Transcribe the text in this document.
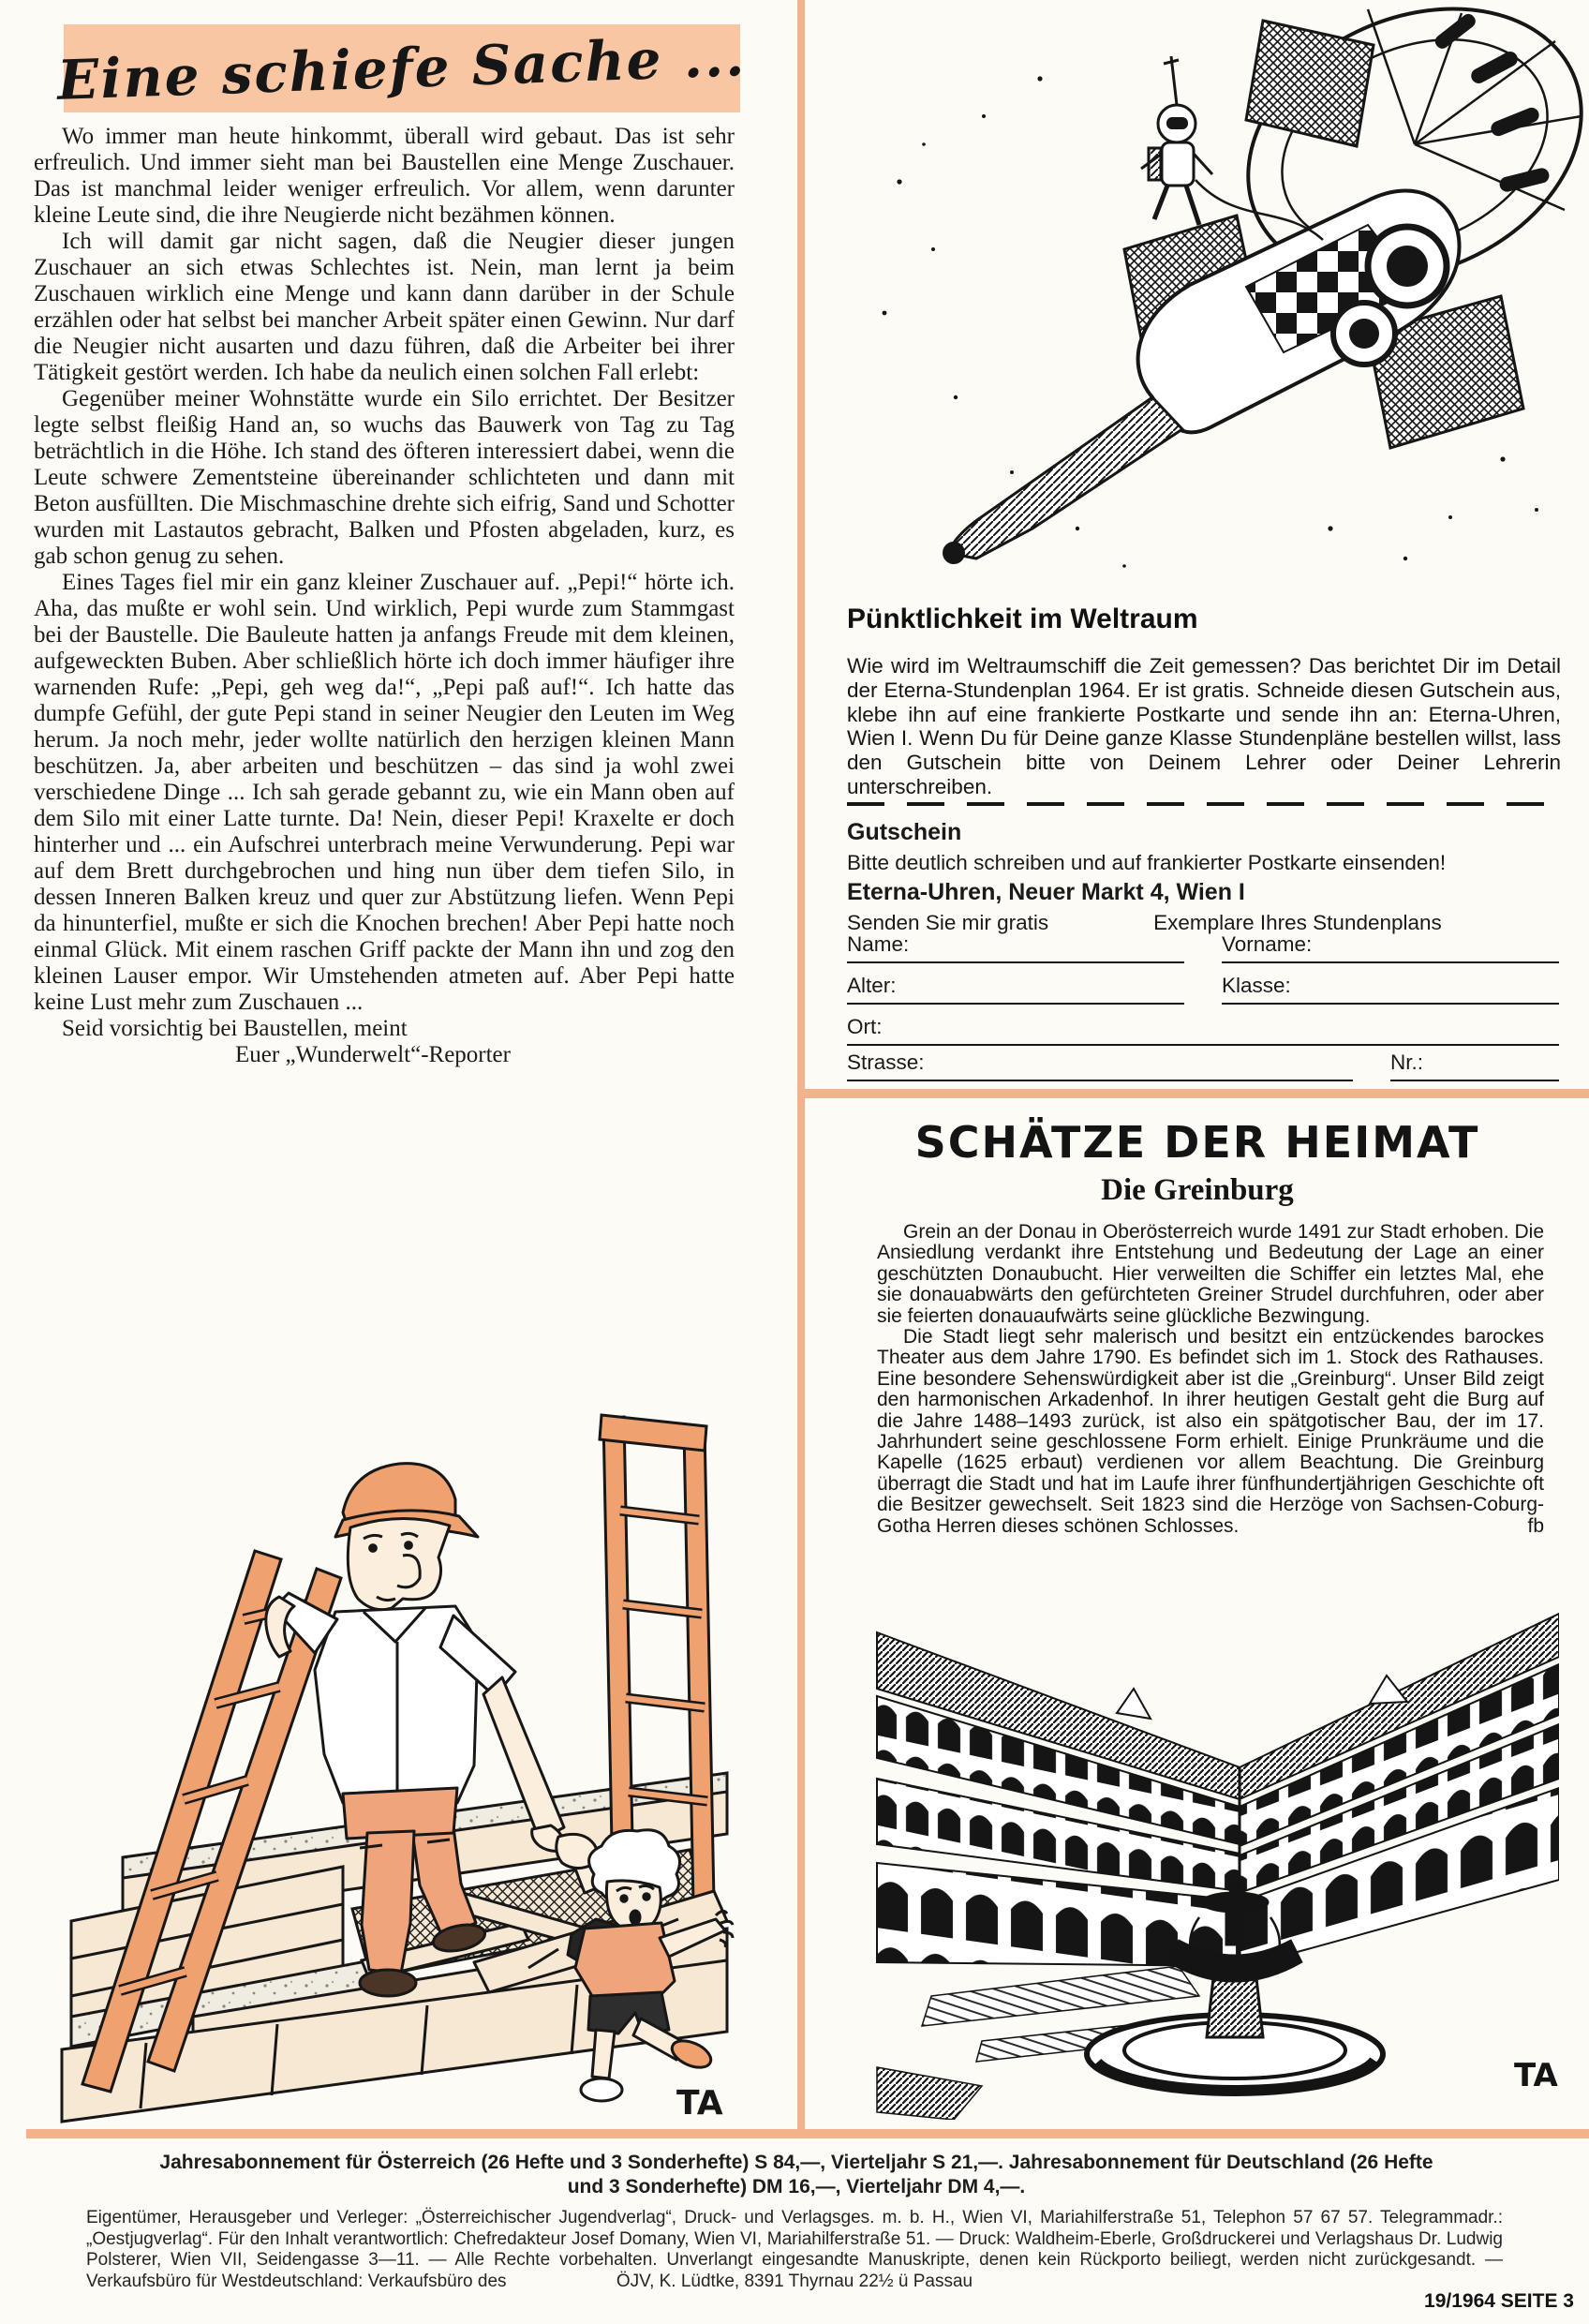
Eine schiefe Sache ...

Wo immer man heute hinkommt, überall wird gebaut. Das ist sehr erfreulich. Und immer sieht man bei Baustellen eine Menge Zuschauer. Das ist manchmal leider weniger erfreulich. Vor allem, wenn darunter kleine Leute sind, die ihre Neugierde nicht bezähmen können.

Ich will damit gar nicht sagen, daß die Neugier dieser jungen Zuschauer an sich etwas Schlechtes ist. Nein, man lernt ja beim Zuschauen wirklich eine Menge und kann dann darüber in der Schule erzählen oder hat selbst bei mancher Arbeit später einen Gewinn. Nur darf die Neugier nicht ausarten und dazu führen, daß die Arbeiter bei ihrer Tätigkeit gestört werden. Ich habe da neulich einen solchen Fall erlebt:

Gegenüber meiner Wohnstätte wurde ein Silo errichtet. Der Besitzer legte selbst fleißig Hand an, so wuchs das Bauwerk von Tag zu Tag beträchtlich in die Höhe. Ich stand des öfteren interessiert dabei, wenn die Leute schwere Zementsteine übereinander schlichteten und dann mit Beton ausfüllten. Die Mischmaschine drehte sich eifrig, Sand und Schotter wurden mit Lastautos gebracht, Balken und Pfosten abgeladen, kurz, es gab schon genug zu sehen.

Eines Tages fiel mir ein ganz kleiner Zuschauer auf. „Pepi!“ hörte ich. Aha, das mußte er wohl sein. Und wirklich, Pepi wurde zum Stammgast bei der Baustelle. Die Bauleute hatten ja anfangs Freude mit dem kleinen, aufgeweckten Buben. Aber schließlich hörte ich doch immer häufiger ihre warnenden Rufe: „Pepi, geh weg da!“, „Pepi paß auf!“. Ich hatte das dumpfe Gefühl, der gute Pepi stand in seiner Neugier den Leuten im Weg herum. Ja noch mehr, jeder wollte natürlich den herzigen kleinen Mann beschützen. Ja, aber arbeiten und beschützen – das sind ja wohl zwei verschiedene Dinge ... Ich sah gerade gebannt zu, wie ein Mann oben auf dem Silo mit einer Latte turnte. Da! Nein, dieser Pepi! Kraxelte er doch hinterher und ... ein Aufschrei unterbrach meine Verwunderung. Pepi war auf dem Brett durchgebrochen und hing nun über dem tiefen Silo, in dessen Inneren Balken kreuz und quer zur Abstützung liefen. Wenn Pepi da hinunterfiel, mußte er sich die Knochen brechen! Aber Pepi hatte noch einmal Glück. Mit einem raschen Griff packte der Mann ihn und zog den kleinen Lauser empor. Wir Umstehenden atmeten auf. Aber Pepi hatte keine Lust mehr zum Zuschauen ...

Seid vorsichtig bei Baustellen, meint

Euer „Wunderwelt“-Reporter

TA
Pünktlichkeit im Weltraum
Wie wird im Weltraumschiff die Zeit gemessen? Das berichtet Dir im Detail der Eterna-Stundenplan 1964. Er ist gratis. Schneide diesen Gutschein aus, klebe ihn auf eine frankierte Postkarte und sende ihn an: Eterna-Uhren, Wien I. Wenn Du für Deine ganze Klasse Stundenpläne bestellen willst, lass den Gutschein bitte von Deinem Lehrer oder Deiner Lehrerin unterschreiben.
Gutschein
Bitte deutlich schreiben und auf frankierter Postkarte einsenden!
Eterna-Uhren, Neuer Markt 4, Wien I
Senden Sie mir gratis	Exemplare Ihres Stundenplans
Name:	Vorname:
Alter:	Klasse:
Ort:
Strasse:	Nr.:
SCHÄTZE DER HEIMAT
Die Greinburg

Grein an der Donau in Oberösterreich wurde 1491 zur Stadt erhoben. Die Ansiedlung verdankt ihre Entstehung und Bedeutung der Lage an einer geschützten Donaubucht. Hier verweilten die Schiffer ein letztes Mal, ehe sie donauabwärts den gefürchteten Greiner Strudel durchfuhren, oder aber sie feierten donauaufwärts seine glückliche Bezwingung.

Die Stadt liegt sehr malerisch und besitzt ein entzückendes barockes Theater aus dem Jahre 1790. Es befindet sich im 1. Stock des Rathauses. Eine besondere Sehenswürdigkeit aber ist die „Greinburg“. Unser Bild zeigt den harmonischen Arkadenhof. In ihrer heutigen Gestalt geht die Burg auf die Jahre 1488–1493 zurück, ist also ein spätgotischer Bau, der im 17. Jahrhundert seine geschlossene Form erhielt. Einige Prunkräume und die Kapelle (1625 erbaut) verdienen vor allem Beachtung. Die Greinburg überragt die Stadt und hat im Laufe ihrer fünfhundertjährigen Geschichte oft die Besitzer gewechselt. Seit 1823 sind die Herzöge von Sachsen-Coburg-Gotha Herren dieses schönen Schlosses.	fb
TA
Jahresabonnement für Österreich (26 Hefte und 3 Sonderhefte) S 84,—, Vierteljahr S 21,—. Jahresabonnement für Deutschland (26 Hefte
und 3 Sonderhefte) DM 16,—, Vierteljahr DM 4,—.
Eigentümer, Herausgeber und Verleger: „Österreichischer Jugendverlag“, Druck- und Verlagsges. m. b. H., Wien VI, Mariahilferstraße 51, Telephon 57 67 57. Telegrammadr.: „Oestjugverlag“. Für den Inhalt verantwortlich: Chefredakteur Josef Domany, Wien VI, Mariahilferstraße 51. — Druck: Waldheim-Eberle, Großdruckerei und Verlagshaus Dr. Ludwig Polsterer, Wien VII, Seidengasse 3—11. — Alle Rechte vorbehalten. Unverlangt eingesandte Manuskripte, denen kein Rückporto beiliegt, werden nicht zurückgesandt. — Verkaufsbüro für Westdeutschland: Verkaufsbüro des	ÖJV, K. Lüdtke, 8391 Thyrnau 22½ ü Passau
19/1964 SEITE 3
